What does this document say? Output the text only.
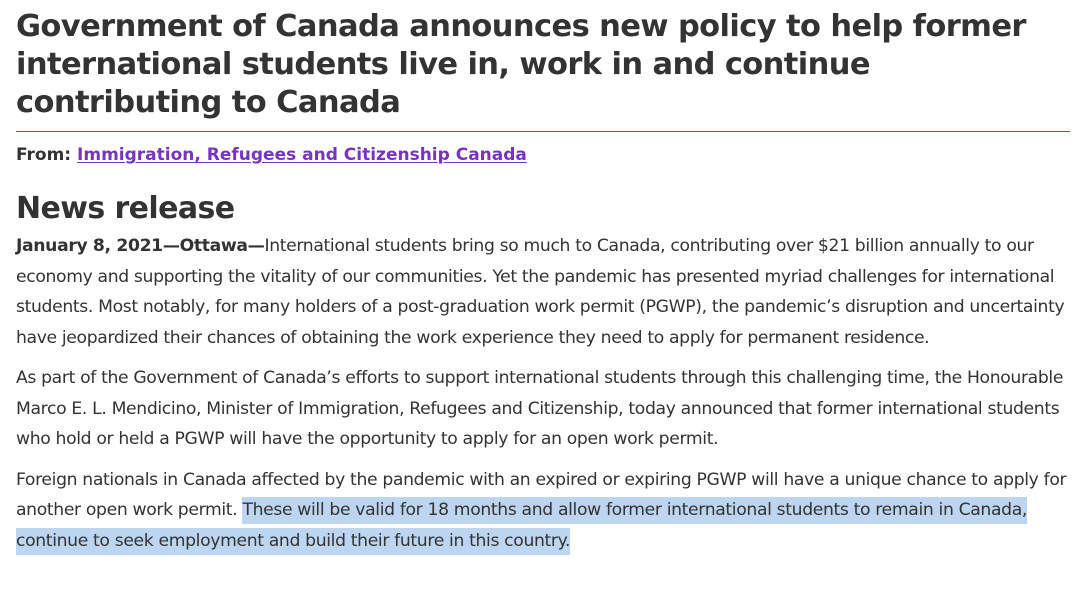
Government of Canada announces new policy to help former international students live in, work in and continue contributing to Canada
From: Immigration, Refugees and Citizenship Canada
News release

January 8, 2021—Ottawa—International students bring so much to Canada, contributing over $21 billion annually to our economy and supporting the vitality of our communities. Yet the pandemic has presented myriad challenges for international students. Most notably, for many holders of a post-graduation work permit (PGWP), the pandemic’s disruption and uncertainty have jeopardized their chances of obtaining the work experience they need to apply for permanent residence.

As part of the Government of Canada’s efforts to support international students through this challenging time, the Honourable Marco E. L. Mendicino, Minister of Immigration, Refugees and Citizenship, today announced that former international students who hold or held a PGWP will have the opportunity to apply for an open work permit.

Foreign nationals in Canada affected by the pandemic with an expired or expiring PGWP will have a unique chance to apply for another open work permit. These will be valid for 18 months and allow former international students to remain in Canada, continue to seek employment and build their future in this country.
